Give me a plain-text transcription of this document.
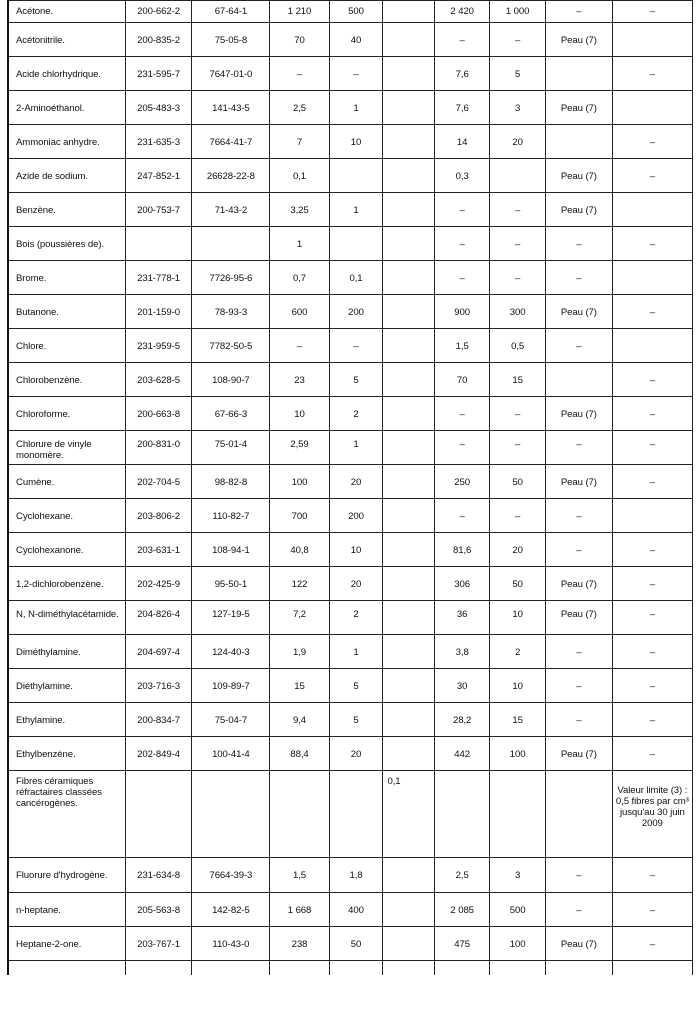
Acétone.	200-662-2	67-64-1	1 210	500		2 420	1 000	–	–
Acétonitrile.	200-835-2	75-05-8	70	40		–	–	Peau (7)	
Acide chlorhydrique.	231-595-7	7647-01-0	–	–		7,6	5		–
2-Aminoéthanol.	205-483-3	141-43-5	2,5	1		7,6	3	Peau (7)	
Ammoniac anhydre.	231-635-3	7664-41-7	7	10		14	20		–
Azide de sodium.	247-852-1	26628-22-8	0,1			0,3		Peau (7)	–
Benzène.	200-753-7	71-43-2	3,25	1		–	–	Peau (7)	
Bois (poussières de).			1			–	–	–	–
Brome.	231-778-1	7726-95-6	0,7	0,1		–	–	–	
Butanone.	201-159-0	78-93-3	600	200		900	300	Peau (7)	–
Chlore.	231-959-5	7782-50-5	–	–		1,5	0,5	–	
Chlorobenzène.	203-628-5	108-90-7	23	5		70	15		–
Chloroforme.	200-663-8	67-66-3	10	2		–	–	Peau (7)	–
Chlorure de vinyle monomère.	200-831-0	75-01-4	2,59	1		–	–	–	–
Cumène.	202-704-5	98-82-8	100	20		250	50	Peau (7)	–
Cyclohexane.	203-806-2	110-82-7	700	200		–	–	–	
Cyclohexanone.	203-631-1	108-94-1	40,8	10		81,6	20	–	–
1,2-dichlorobenzène.	202-425-9	95-50-1	122	20		306	50	Peau (7)	–
N, N-diméthylacétamide.	204-826-4	127-19-5	7,2	2		36	10	Peau (7)	–
Diméthylamine.	204-697-4	124-40-3	1,9	1		3,8	2	–	–
Diéthylamine.	203-716-3	109-89-7	15	5		30	10	–	–
Ethylamine.	200-834-7	75-04-7	9,4	5		28,2	15	–	–
Ethylbenzène.	202-849-4	100-41-4	88,4	20		442	100	Peau (7)	–
Fibres céramiques réfractaires classées cancérogènes.					0,1				Valeur limite (3) : 0,5 fibres par cm³ jusqu'au 30 juin 2009
Fluorure d'hydrogène.	231-634-8	7664-39-3	1,5	1,8		2,5	3	–	–
n-heptane.	205-563-8	142-82-5	1 668	400		2 085	500	–	–
Heptane-2-one.	203-767-1	110-43-0	238	50		475	100	Peau (7)	–
